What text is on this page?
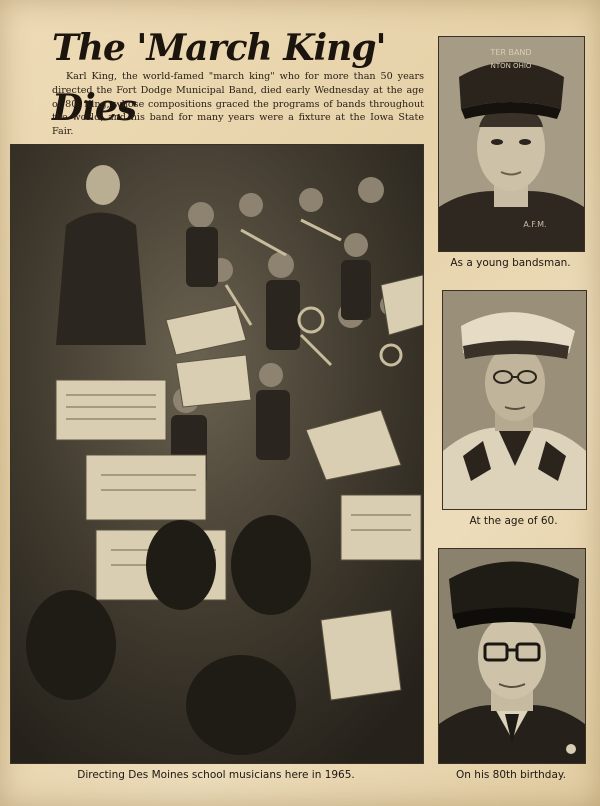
The 'March King' Dies

Karl King, the world-famed "march king" who for more than 50 years directed the Fort Dodge Municipal Band, died early Wednesday at the age of 80. King, whose compositions graced the programs of bands throughout the world, and his band for many years were a fixture at the Iowa State Fair.

TER BAND
NTON OHIO
A.F.M.
As a young bandsman.
At the age of 60.
On his 80th birthday.
Directing Des Moines school musicians here in 1965.
